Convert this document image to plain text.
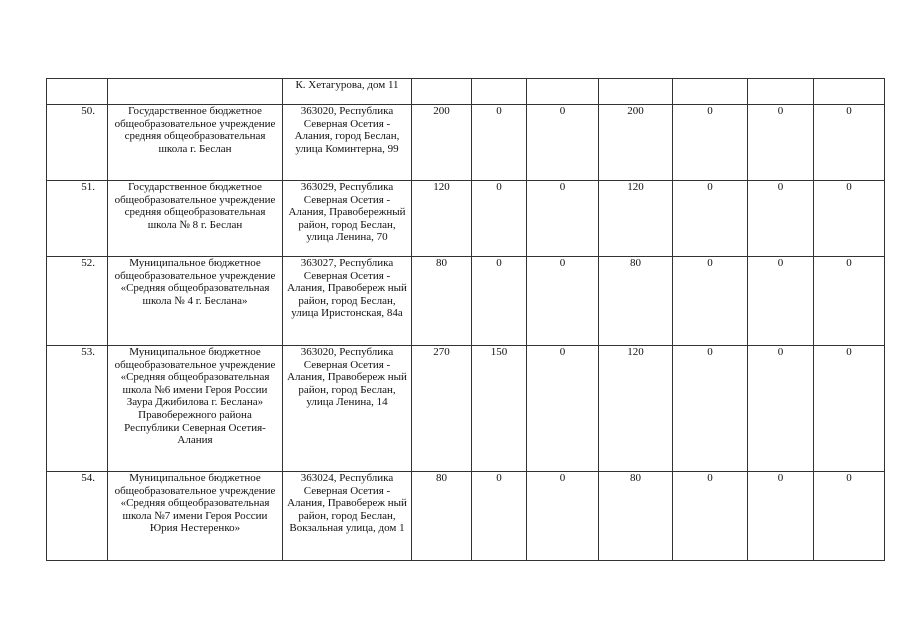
		К. Хетагурова, дом 11							
50.	Государственное бюджетное общеобразовательное учреждение средняя общеобразовательная школа г. Беслан	363020, Республика Северная Осетия - Алания, город Беслан, улица Коминтерна, 99	200	0	0	200	0	0	0
51.	Государственное бюджетное общеобразовательное учреждение средняя общеобразовательная школа № 8 г. Беслан	363029, Республика Северная Осетия - Алания, Правобережный район, город Беслан, улица Ленина, 70	120	0	0	120	0	0	0
52.	Муниципальное бюджетное общеобразовательное учреждение «Средняя общеобразовательная школа № 4 г. Беслана»	363027, Республика Северная Осетия - Алания, Правобереж ный район, город Беслан, улица Иристонская, 84а	80	0	0	80	0	0	0
53.	Муниципальное бюджетное общеобразовательное учреждение «Средняя общеобразовательная школа №6 имени Героя России Заура Джибилова г. Беслана» Правобережного района Республики Северная Осетия-Алания	363020, Республика Северная Осетия - Алания, Правобереж ный район, город Беслан, улица Ленина, 14	270	150	0	120	0	0	0
54.	Муниципальное бюджетное общеобразовательное учреждение «Средняя общеобразовательная школа №7 имени Героя России Юрия Нестеренко»	363024, Республика Северная Осетия - Алания, Правобереж ный район, город Беслан, Вокзальная улица, дом 1	80	0	0	80	0	0	0
